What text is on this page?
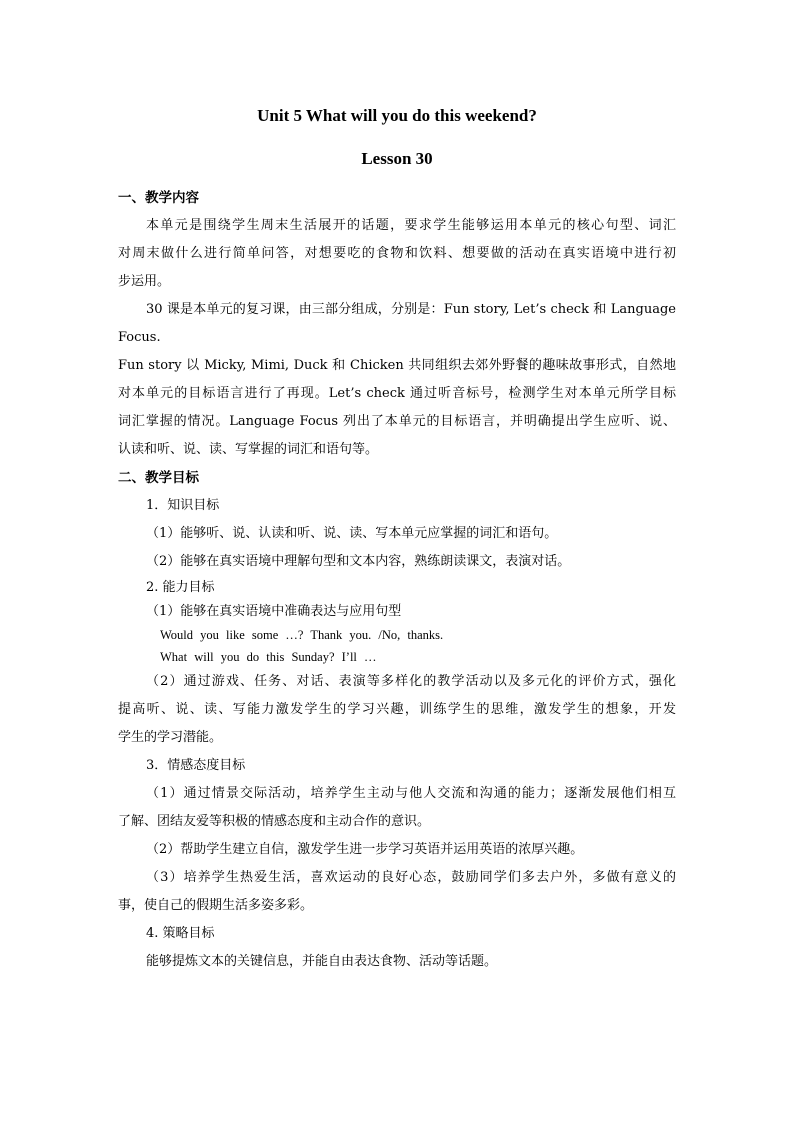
Unit 5 What will you do this weekend?
Lesson 30
一、教学内容
本单元是围绕学生周末生活展开的话题，要求学生能够运用本单元的核心句型、词汇
对周末做什么进行简单问答，对想要吃的食物和饮料、想要做的活动在真实语境中进行初
步运用。
30 课是本单元的复习课，由三部分组成，分别是：Fun story, Let’s check 和 Language
Focus.
Fun story 以 Micky, Mimi, Duck 和 Chicken 共同组织去郊外野餐的趣味故事形式，自然地
对本单元的目标语言进行了再现。Let’s check 通过听音标号，检测学生对本单元所学目标
词汇掌握的情况。Language Focus 列出了本单元的目标语言，并明确提出学生应听、说、
认读和听、说、读、写掌握的词汇和语句等。
二、教学目标
1．知识目标
（1）能够听、说、认读和听、说、读、写本单元应掌握的词汇和语句。
（2）能够在真实语境中理解句型和文本内容，熟练朗读课文，表演对话。
2. 能力目标
（1）能够在真实语境中准确表达与应用句型
Would you like some …? Thank you. /No, thanks.
What will you do this Sunday? I’ll …
（2）通过游戏、任务、对话、表演等多样化的教学活动以及多元化的评价方式，强化
提高听、说、读、写能力激发学生的学习兴趣，训练学生的思维，激发学生的想象，开发
学生的学习潜能。
3．情感态度目标
（1）通过情景交际活动，培养学生主动与他人交流和沟通的能力；逐渐发展他们相互
了解、团结友爱等积极的情感态度和主动合作的意识。
（2）帮助学生建立自信，激发学生进一步学习英语并运用英语的浓厚兴趣。
（3）培养学生热爱生活，喜欢运动的良好心态，鼓励同学们多去户外，多做有意义的
事，使自己的假期生活多姿多彩。
4. 策略目标
能够提炼文本的关键信息，并能自由表达食物、活动等话题。
